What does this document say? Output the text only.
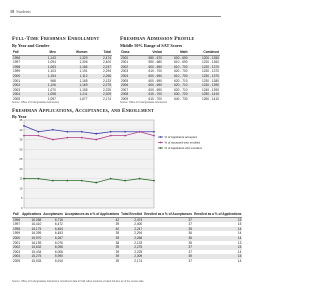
18 Students
Full-Time Freshman Enrollment
By Year and Gender
Fall	Men	Women	Total
1996	1,143	1,329	2,474
1997	1,094	1,306	2,400
1998	1,063	1,184	2,247
1999	1,103	1,191	2,294
2000	1,154	1,112	2,266
2001	968	1,165	2,133
2002	1,106	1,169	2,275
2003	1,070	1,155	2,225
2004	1,098	1,211	2,309
2005	1,057	1,677	2,174
Source: Office of Undergraduate Admissions
Freshman Admission Profile
Middle 50% Range of SAT Scores
Class	Verbal	Math	Combined
2000	580 - 670	600 - 690	1200 - 1350
2001	590 - 680	610 - 690	1220 - 1360
2002	600 - 690	610 - 700	1220 - 1370
2003	610 - 700	620 - 700	1230 - 1370
2004	600 - 690	610 - 700	1230 - 1370
2005	600 - 690	620 - 710	1230 - 1380
2006	600 - 690	620 - 710	1230 - 1390
2007	600 - 690	620 - 710	1240 - 1390
2008	610 - 700	630 - 720	1250 - 1410
2009	610 - 700	640 - 730	1260 - 1410
Source: Office of Undergraduate Admissions
Freshman Applications, Acceptances, and Enrollment
By Year
0
5
10
15
20
25
30
35
40
45
% of Applicants accepted
% of accepted who enrolled
% of Applicants who enrolled
Fall	Applications	Acceptances	Acceptances as a % of Applications	Total Enrolled	Enrolled as a % of Acceptances	Enrolled as a % of Applications
1996	16,058	6,716	42	2,474	37	15
1997	16,410	6,472	39	2,400	37	15
1998	16,175	6,454	40	2,247	35	14
1999	16,399	6,453	39	2,294	36	14
2000	15,970	6,267	39	2,266	36	14
2001	16,159	6,076	38	2,133	35	13
2002	15,632	6,096	39	2,275	37	15
2003	15,434	6,006	39	2,225	37	14
2004	15,275	5,990	39	2,309	39	15
2005	15,033	5,910	39	2,174	37	14
Source: Office of Undergraduate Admissions. Enrollment data for Fall reflect students enrolled full-time as of the census date.
